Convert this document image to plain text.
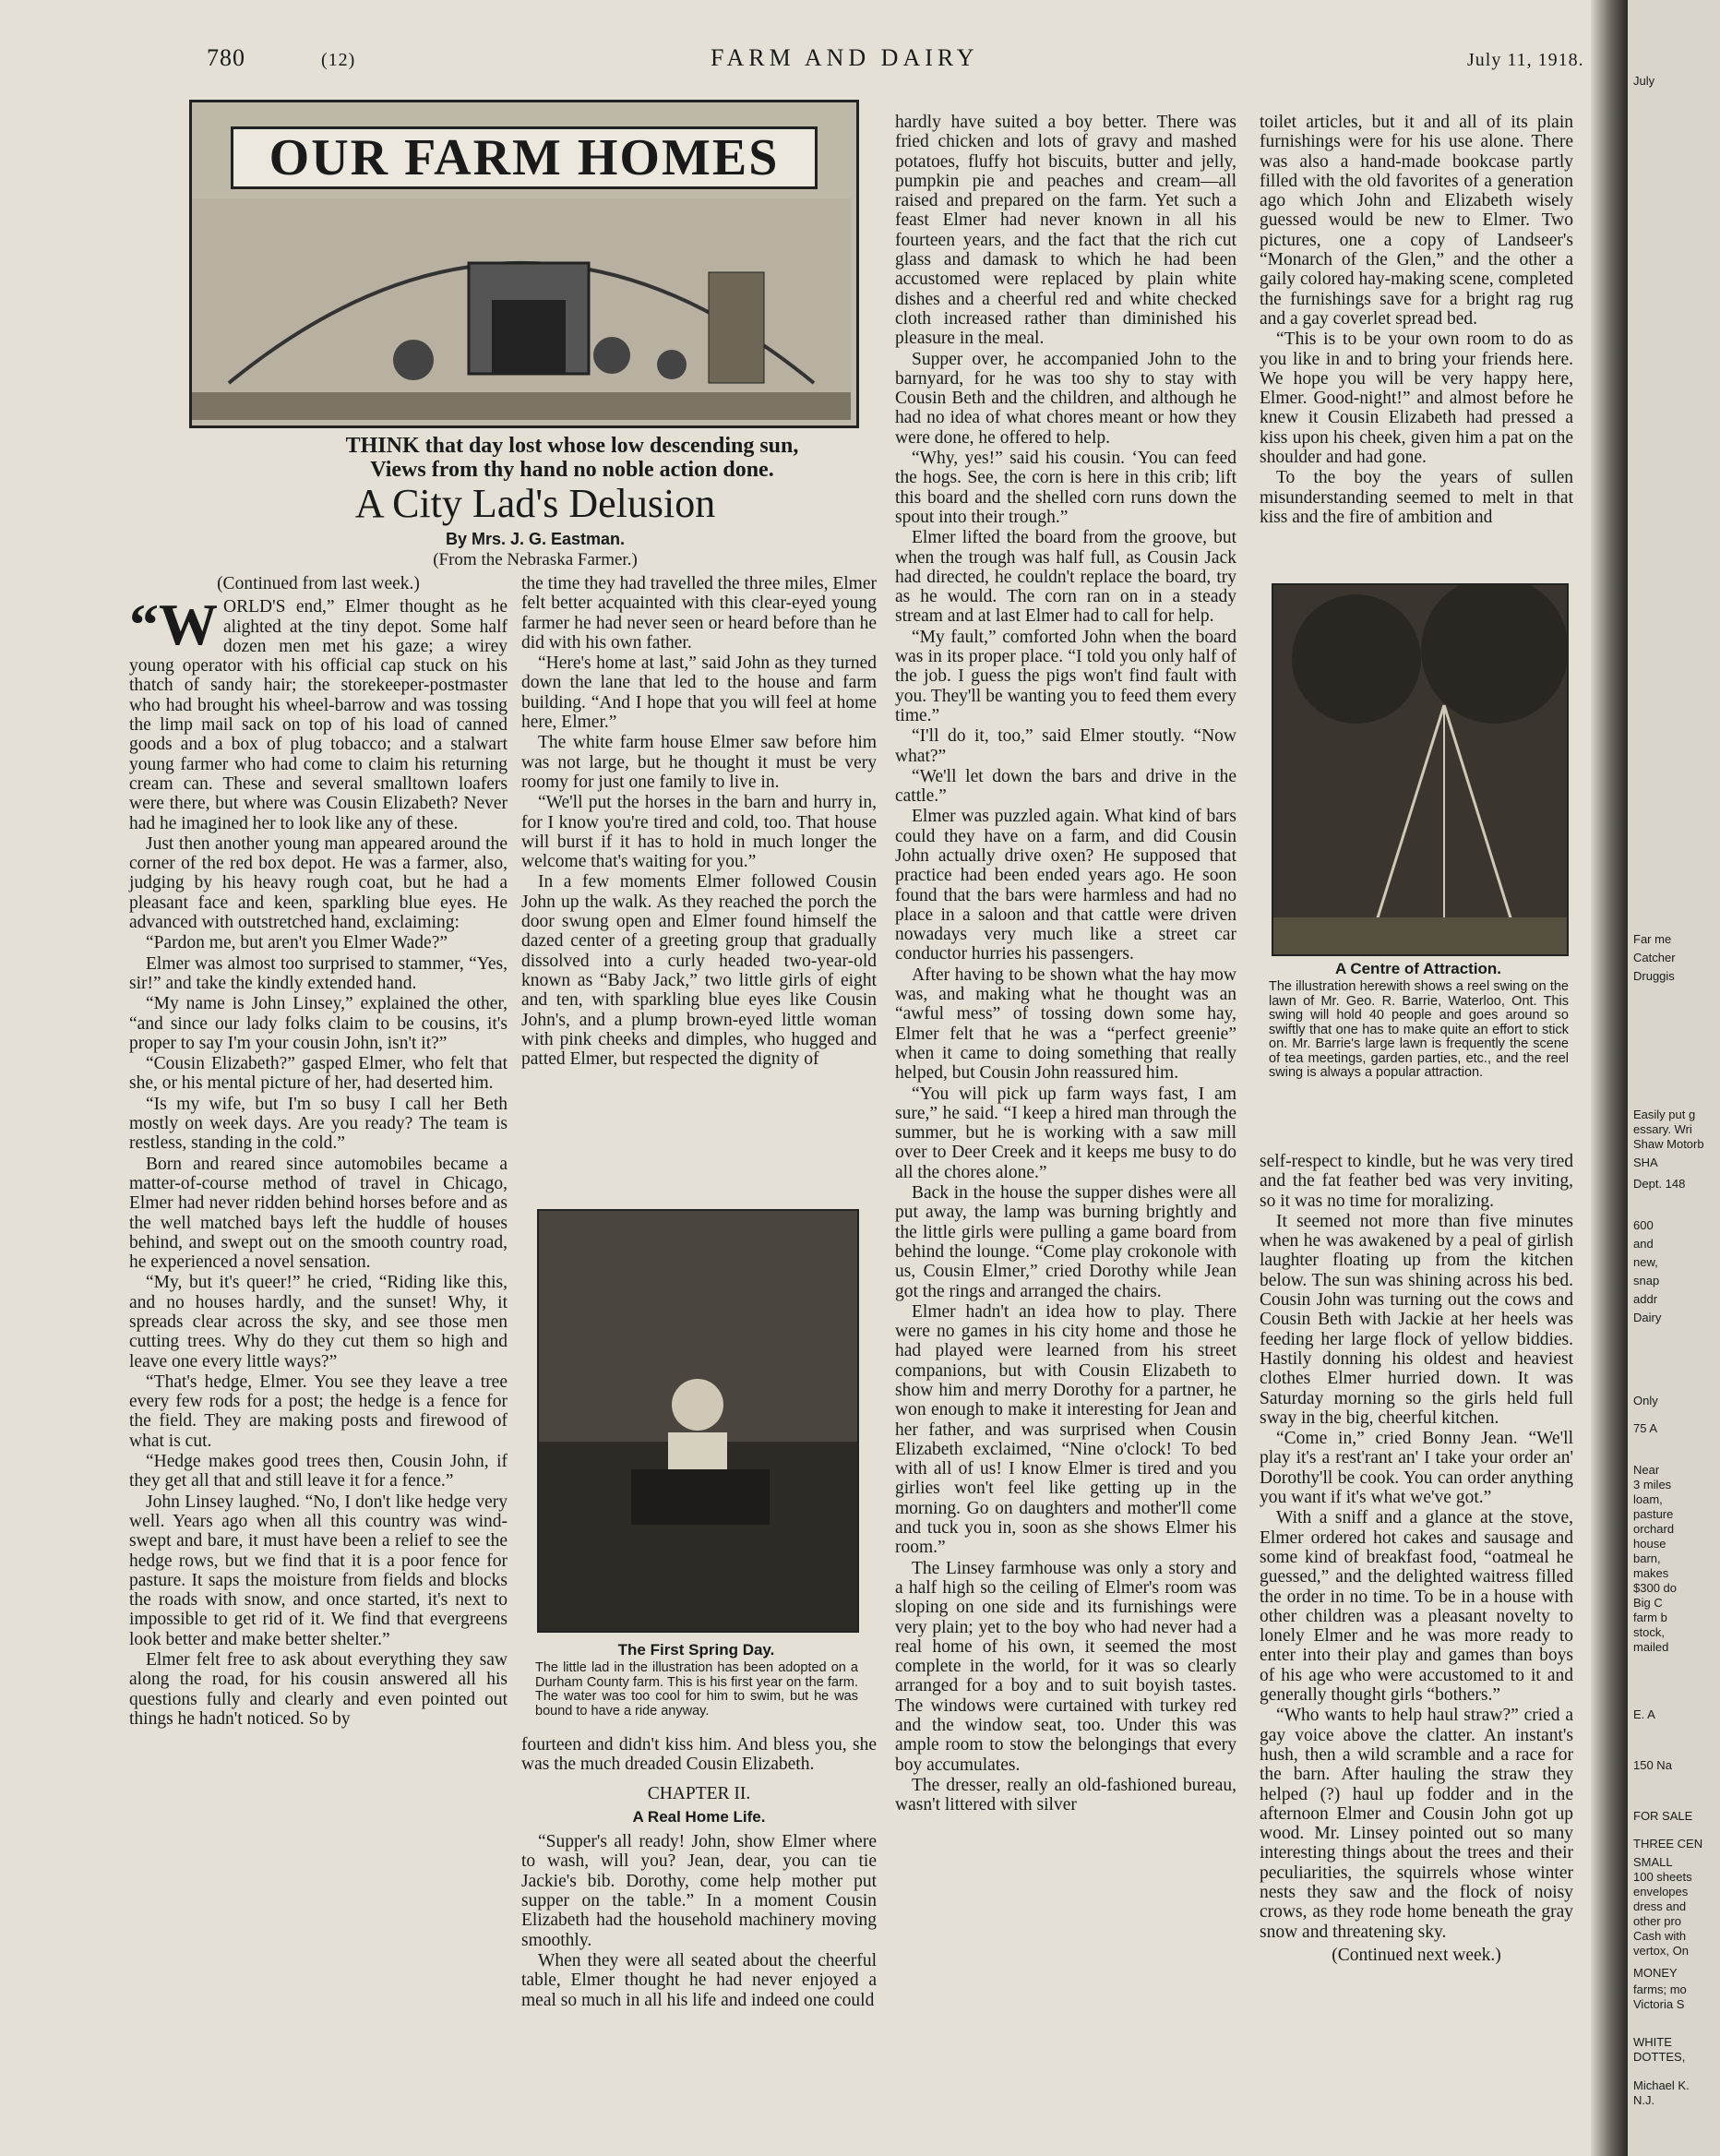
780	(12)	FARM AND DAIRY	July 11, 1918.
OUR FARM HOMES
THINK that day lost whose low descending sun,
Views from thy hand no noble action done.
A City Lad's Delusion
By Mrs. J. G. Eastman.
(From the Nebraska Farmer.)

(Continued from last week.)

“WORLD'S end,” Elmer thought as he alighted at the tiny depot. Some half dozen men met his gaze; a wirey young operator with his official cap stuck on his thatch of sandy hair; the storekeeper-postmaster who had brought his wheel-barrow and was tossing the limp mail sack on top of his load of canned goods and a box of plug tobacco; and a stalwart young farmer who had come to claim his returning cream can. These and several smalltown loafers were there, but where was Cousin Elizabeth? Never had he imagined her to look like any of these.

Just then another young man appeared around the corner of the red box depot. He was a farmer, also, judging by his heavy rough coat, but he had a pleasant face and keen, sparkling blue eyes. He advanced with outstretched hand, exclaiming:

“Pardon me, but aren't you Elmer Wade?”

Elmer was almost too surprised to stammer, “Yes, sir!” and take the kindly extended hand.

“My name is John Linsey,” explained the other, “and since our lady folks claim to be cousins, it's proper to say I'm your cousin John, isn't it?”

“Cousin Elizabeth?” gasped Elmer, who felt that she, or his mental picture of her, had deserted him.

“Is my wife, but I'm so busy I call her Beth mostly on week days. Are you ready? The team is restless, standing in the cold.”

Born and reared since automobiles became a matter-of-course method of travel in Chicago, Elmer had never ridden behind horses before and as the well matched bays left the huddle of houses behind, and swept out on the smooth country road, he experienced a novel sensation.

“My, but it's queer!” he cried, “Riding like this, and no houses hardly, and the sunset! Why, it spreads clear across the sky, and see those men cutting trees. Why do they cut them so high and leave one every little ways?”

“That's hedge, Elmer. You see they leave a tree every few rods for a post; the hedge is a fence for the field. They are making posts and firewood of what is cut.

“Hedge makes good trees then, Cousin John, if they get all that and still leave it for a fence.”

John Linsey laughed. “No, I don't like hedge very well. Years ago when all this country was wind-swept and bare, it must have been a relief to see the hedge rows, but we find that it is a poor fence for pasture. It saps the moisture from fields and blocks the roads with snow, and once started, it's next to impossible to get rid of it. We find that evergreens look better and make better shelter.”

Elmer felt free to ask about everything they saw along the road, for his cousin answered all his questions fully and clearly and even pointed out things he hadn't noticed. So by

the time they had travelled the three miles, Elmer felt better acquainted with this clear-eyed young farmer he had never seen or heard before than he did with his own father.

“Here's home at last,” said John as they turned down the lane that led to the house and farm building. “And I hope that you will feel at home here, Elmer.”

The white farm house Elmer saw before him was not large, but he thought it must be very roomy for just one family to live in.

“We'll put the horses in the barn and hurry in, for I know you're tired and cold, too. That house will burst if it has to hold in much longer the welcome that's waiting for you.”

In a few moments Elmer followed Cousin John up the walk. As they reached the porch the door swung open and Elmer found himself the dazed center of a greeting group that gradually dissolved into a curly headed two-year-old known as “Baby Jack,” two little girls of eight and ten, with sparkling blue eyes like Cousin John's, and a plump brown-eyed little woman with pink cheeks and dimples, who hugged and patted Elmer, but respected the dignity of

The First Spring Day.
The little lad in the illustration has been adopted on a Durham County farm. This is his first year on the farm. The water was too cool for him to swim, but he was bound to have a ride anyway.

fourteen and didn't kiss him. And bless you, she was the much dreaded Cousin Elizabeth.

CHAPTER II.

A Real Home Life.

“Supper's all ready! John, show Elmer where to wash, will you? Jean, dear, you can tie Jackie's bib. Dorothy, come help mother put supper on the table.” In a moment Cousin Elizabeth had the household machinery moving smoothly.

When they were all seated about the cheerful table, Elmer thought he had never enjoyed a meal so much in all his life and indeed one could

hardly have suited a boy better. There was fried chicken and lots of gravy and mashed potatoes, fluffy hot biscuits, butter and jelly, pumpkin pie and peaches and cream—all raised and prepared on the farm. Yet such a feast Elmer had never known in all his fourteen years, and the fact that the rich cut glass and damask to which he had been accustomed were replaced by plain white dishes and a cheerful red and white checked cloth increased rather than diminished his pleasure in the meal.

Supper over, he accompanied John to the barnyard, for he was too shy to stay with Cousin Beth and the children, and although he had no idea of what chores meant or how they were done, he offered to help.

“Why, yes!” said his cousin. ‘You can feed the hogs. See, the corn is here in this crib; lift this board and the shelled corn runs down the spout into their trough.”

Elmer lifted the board from the groove, but when the trough was half full, as Cousin Jack had directed, he couldn't replace the board, try as he would. The corn ran on in a steady stream and at last Elmer had to call for help.

“My fault,” comforted John when the board was in its proper place. “I told you only half of the job. I guess the pigs won't find fault with you. They'll be wanting you to feed them every time.”

“I'll do it, too,” said Elmer stoutly. “Now what?”

“We'll let down the bars and drive in the cattle.”

Elmer was puzzled again. What kind of bars could they have on a farm, and did Cousin John actually drive oxen? He supposed that practice had been ended years ago. He soon found that the bars were harmless and had no place in a saloon and that cattle were driven nowadays very much like a street car conductor hurries his passengers.

After having to be shown what the hay mow was, and making what he thought was an “awful mess” of tossing down some hay, Elmer felt that he was a “perfect greenie” when it came to doing something that really helped, but Cousin John reassured him.

“You will pick up farm ways fast, I am sure,” he said. “I keep a hired man through the summer, but he is working with a saw mill over to Deer Creek and it keeps me busy to do all the chores alone.”

Back in the house the supper dishes were all put away, the lamp was burning brightly and the little girls were pulling a game board from behind the lounge. “Come play crokonole with us, Cousin Elmer,” cried Dorothy while Jean got the rings and arranged the chairs.

Elmer hadn't an idea how to play. There were no games in his city home and those he had played were learned from his street companions, but with Cousin Elizabeth to show him and merry Dorothy for a partner, he won enough to make it interesting for Jean and her father, and was surprised when Cousin Elizabeth exclaimed, “Nine o'clock! To bed with all of us! I know Elmer is tired and you girlies won't feel like getting up in the morning. Go on daughters and mother'll come and tuck you in, soon as she shows Elmer his room.”

The Linsey farmhouse was only a story and a half high so the ceiling of Elmer's room was sloping on one side and its furnishings were very plain; yet to the boy who had never had a real home of his own, it seemed the most complete in the world, for it was so clearly arranged for a boy and to suit boyish tastes. The windows were curtained with turkey red and the window seat, too. Under this was ample room to stow the belongings that every boy accumulates.

The dresser, really an old-fashioned bureau, wasn't littered with silver

toilet articles, but it and all of its plain furnishings were for his use alone. There was also a hand-made bookcase partly filled with the old favorites of a generation ago which John and Elizabeth wisely guessed would be new to Elmer. Two pictures, one a copy of Landseer's “Monarch of the Glen,” and the other a gaily colored hay-making scene, completed the furnishings save for a bright rag rug and a gay coverlet spread bed.

“This is to be your own room to do as you like in and to bring your friends here. We hope you will be very happy here, Elmer. Good-night!” and almost before he knew it Cousin Elizabeth had pressed a kiss upon his cheek, given him a pat on the shoulder and had gone.

To the boy the years of sullen misunderstanding seemed to melt in that kiss and the fire of ambition and

A Centre of Attraction.
The illustration herewith shows a reel swing on the lawn of Mr. Geo. R. Barrie, Waterloo, Ont. This swing will hold 40 people and goes around so swiftly that one has to make quite an effort to stick on. Mr. Barrie's large lawn is frequently the scene of tea meetings, garden parties, etc., and the reel swing is always a popular attraction.

self-respect to kindle, but he was very tired and the fat feather bed was very inviting, so it was no time for moralizing.

It seemed not more than five minutes when he was awakened by a peal of girlish laughter floating up from the kitchen below. The sun was shining across his bed. Cousin John was turning out the cows and Cousin Beth with Jackie at her heels was feeding her large flock of yellow biddies. Hastily donning his oldest and heaviest clothes Elmer hurried down. It was Saturday morning so the girls held full sway in the big, cheerful kitchen.

“Come in,” cried Bonny Jean. “We'll play it's a rest'rant an' I take your order an' Dorothy'll be cook. You can order anything you want if it's what we've got.”

With a sniff and a glance at the stove, Elmer ordered hot cakes and sausage and some kind of breakfast food, “oatmeal he guessed,” and the delighted waitress filled the order in no time. To be in a house with other children was a pleasant novelty to lonely Elmer and he was more ready to enter into their play and games than boys of his age who were accustomed to it and generally thought girls “bothers.”

“Who wants to help haul straw?” cried a gay voice above the clatter. An instant's hush, then a wild scramble and a race for the barn. After hauling the straw they helped (?) haul up fodder and in the afternoon Elmer and Cousin John got up wood. Mr. Linsey pointed out so many interesting things about the trees and their peculiarities, the squirrels whose winter nests they saw and the flock of noisy crows, as they rode home beneath the gray snow and threatening sky.

(Continued next week.)

July
Far me
Catcher
Druggis
Easily put g
essary. Wri
Shaw Motorb
SHA
Dept. 148
600
and
new,
snap
addr
Dairy
Only
75 A
Near
3 miles
loam,
pasture
orchard
house
barn,
makes
$300 do
Big C
farm b
stock,
mailed
E. A
150 Na
FOR SALE
THREE CEN
SMALL
100 sheets
envelopes
dress and
other pro
Cash with
vertox, On
MONEY
farms; mo
Victoria S
WHITE
DOTTES,
Michael K.
N.J.
